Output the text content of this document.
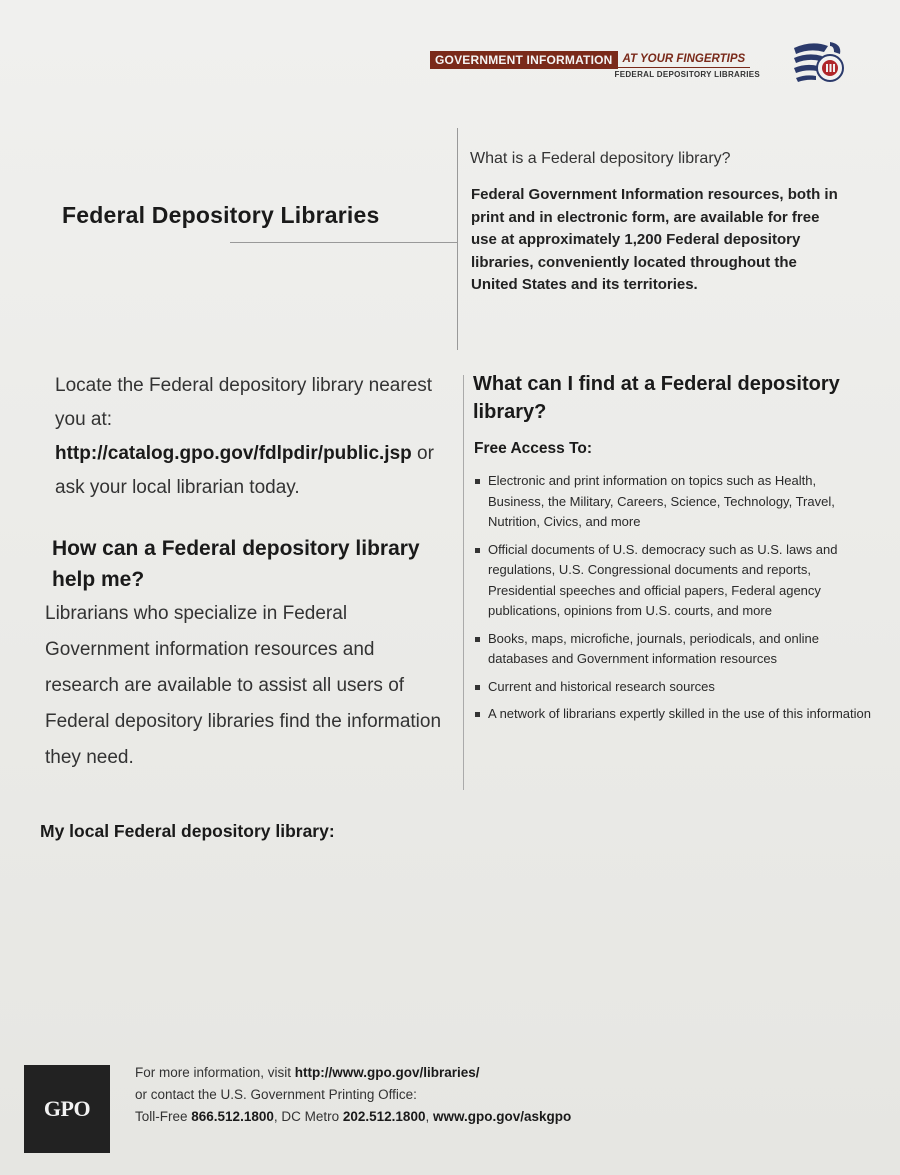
GOVERNMENT INFORMATION AT YOUR FINGERTIPS
FEDERAL DEPOSITORY LIBRARIES
Federal Depository Libraries
What is a Federal depository library?

Federal Government Information resources, both in print and in electronic form, are available for free use at approximately 1,200 Federal depository libraries, conveniently located throughout the United States and its territories.

Locate the Federal depository library nearest you at: http://catalog.gpo.gov/fdlpdir/public.jsp or ask your local librarian today.

How can a Federal depository library help me?

Librarians who specialize in Federal Government information resources and research are available to assist all users of Federal depository libraries find the information they need.

What can I find at a Federal depository library?
Free Access To:
Electronic and print information on topics such as Health, Business, the Military, Careers, Science, Technology, Travel, Nutrition, Civics, and more
Official documents of U.S. democracy such as U.S. laws and regulations, U.S. Congressional documents and reports, Presidential speeches and official papers, Federal agency publications, opinions from U.S. courts, and more
Books, maps, microfiche, journals, periodicals, and online databases and Government information resources
Current and historical research sources
A network of librarians expertly skilled in the use of this information
My local Federal depository library:
GPO
For more information, visit http://www.gpo.gov/libraries/
or contact the U.S. Government Printing Office:
Toll-Free 866.512.1800, DC Metro 202.512.1800, www.gpo.gov/askgpo
